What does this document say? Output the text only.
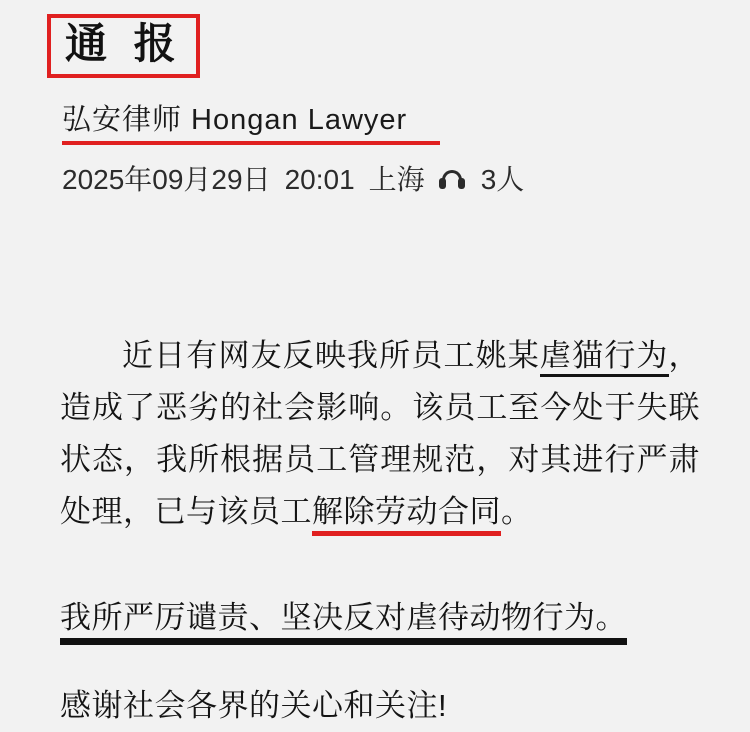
通 报
弘安律师 Hongan Lawyer
2025年09月29日 20:01 上海 3人

近日有网友反映我所员工姚某虐猫行为，造成了恶劣的社会影响。该员工至今处于失联状态，我所根据员工管理规范，对其进行严肃处理，已与该员工解除劳动合同。

我所严厉谴责、坚决反对虐待动物行为。

感谢社会各界的关心和关注!
